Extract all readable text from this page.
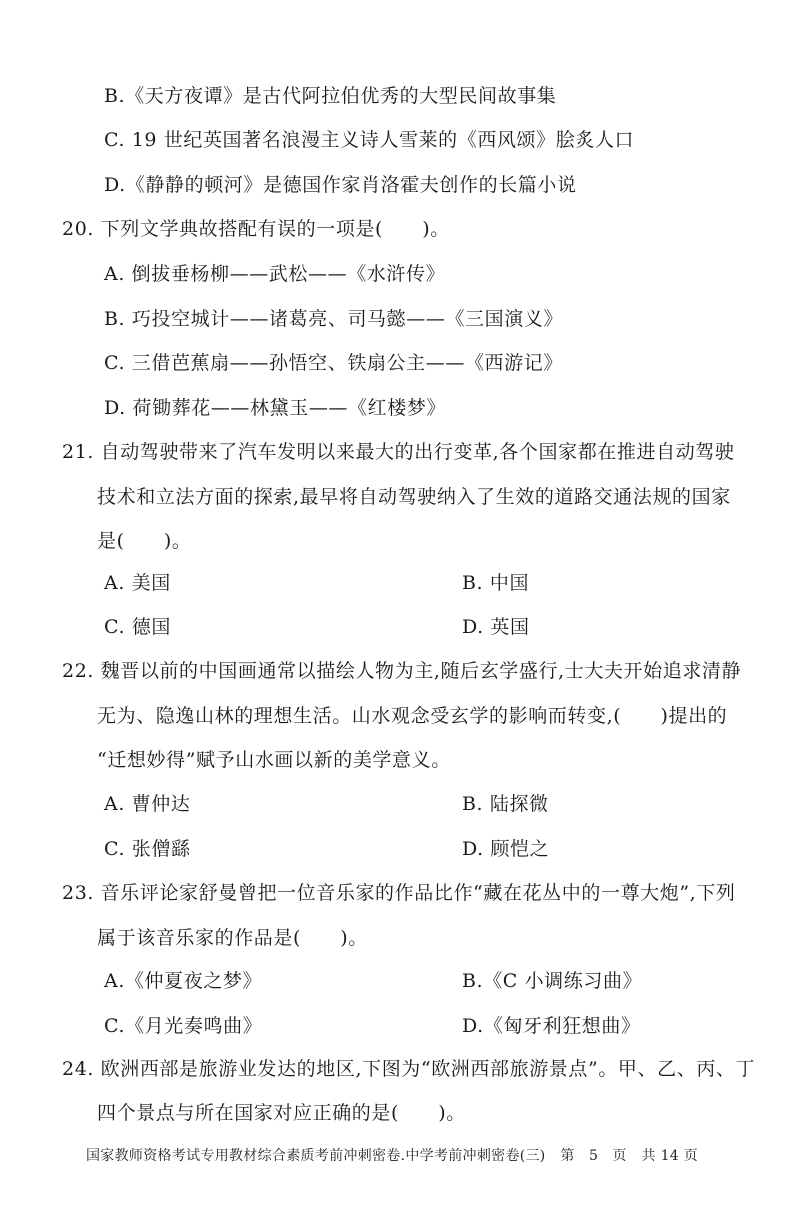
B.《天方夜谭》是古代阿拉伯优秀的大型民间故事集
C. 19 世纪英国著名浪漫主义诗人雪莱的《西风颂》脍炙人口
D.《静静的顿河》是德国作家肖洛霍夫创作的长篇小说
20. 下列文学典故搭配有误的一项是(　　)。
A. 倒拔垂杨柳——武松——《水浒传》
B. 巧投空城计——诸葛亮、司马懿——《三国演义》
C. 三借芭蕉扇——孙悟空、铁扇公主——《西游记》
D. 荷锄葬花——林黛玉——《红楼梦》
21. 自动驾驶带来了汽车发明以来最大的出行变革,各个国家都在推进自动驾驶
技术和立法方面的探索,最早将自动驾驶纳入了生效的道路交通法规的国家
是(　　)。
A. 美国	B. 中国
C. 德国	D. 英国
22. 魏晋以前的中国画通常以描绘人物为主,随后玄学盛行,士大夫开始追求清静
无为、隐逸山林的理想生活。山水观念受玄学的影响而转变,(　　)提出的
“迁想妙得”赋予山水画以新的美学意义。
A. 曹仲达	B. 陆探微
C. 张僧繇	D. 顾恺之
23. 音乐评论家舒曼曾把一位音乐家的作品比作“藏在花丛中的一尊大炮”,下列
属于该音乐家的作品是(　　)。
A.《仲夏夜之梦》	B.《C 小调练习曲》
C.《月光奏鸣曲》	D.《匈牙利狂想曲》
24. 欧洲西部是旅游业发达的地区,下图为“欧洲西部旅游景点”。甲、乙、丙、丁
四个景点与所在国家对应正确的是(　　)。
国家教师资格考试专用教材综合素质考前冲刺密卷.中学考前冲刺密卷(三) 第　5　页 共 14 页
